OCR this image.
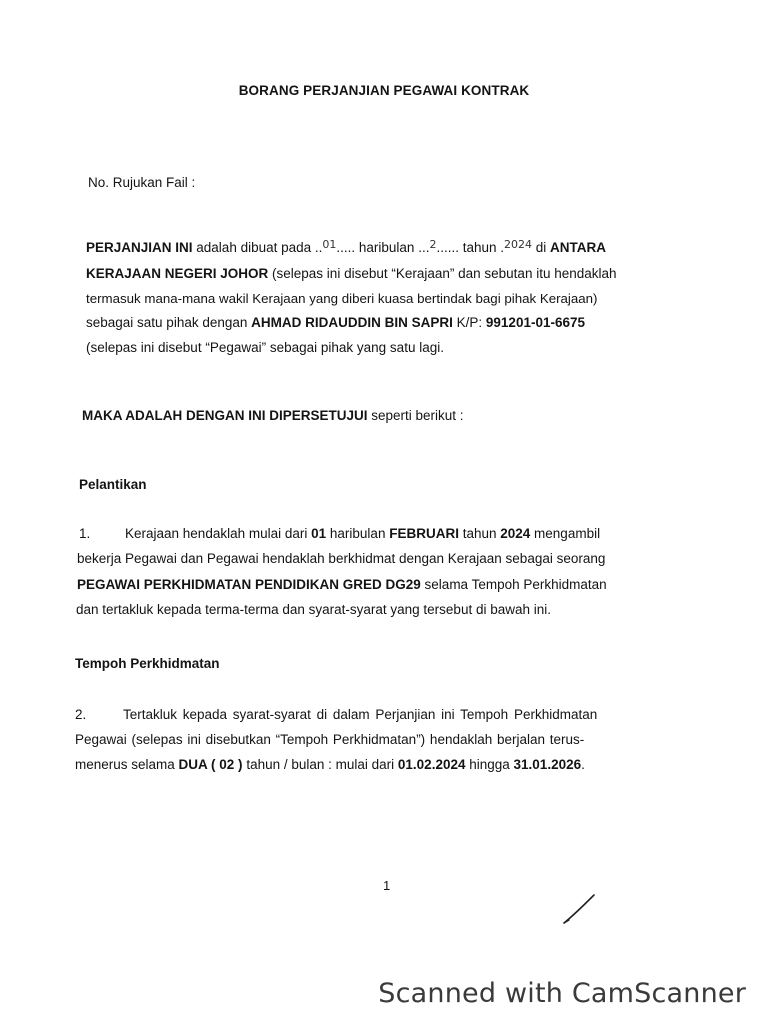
BORANG PERJANJIAN PEGAWAI KONTRAK
No. Rujukan Fail :
PERJANJIAN INI adalah dibuat pada ..$^{01}$..... haribulan ...$^2$...... tahun .$^{2024}$ di ANTARA
KERAJAAN NEGERI JOHOR (selepas ini disebut “Kerajaan” dan sebutan itu hendaklah
termasuk mana-mana wakil Kerajaan yang diberi kuasa bertindak bagi pihak Kerajaan)
sebagai satu pihak dengan AHMAD RIDAUDDIN BIN SAPRI K/P: 991201-01-6675
(selepas ini disebut “Pegawai” sebagai pihak yang satu lagi.
MAKA ADALAH DENGAN INI DIPERSETUJUI seperti berikut :
Pelantikan
1.	Kerajaan hendaklah mulai dari 01 haribulan FEBRUARI tahun 2024 mengambil
bekerja Pegawai dan Pegawai hendaklah berkhidmat dengan Kerajaan sebagai seorang
PEGAWAI PERKHIDMATAN PENDIDIKAN GRED DG29 selama Tempoh Perkhidmatan
dan tertakluk kepada terma-terma dan syarat-syarat yang tersebut di bawah ini.
Tempoh Perkhidmatan
2.	Tertakluk kepada syarat-syarat di dalam Perjanjian ini Tempoh Perkhidmatan
Pegawai (selepas ini disebutkan “Tempoh Perkhidmatan”) hendaklah berjalan terus-
menerus selama DUA ( 02 ) tahun / bulan : mulai dari 01.02.2024 hingga 31.01.2026.
1
Scanned with CamScanner
